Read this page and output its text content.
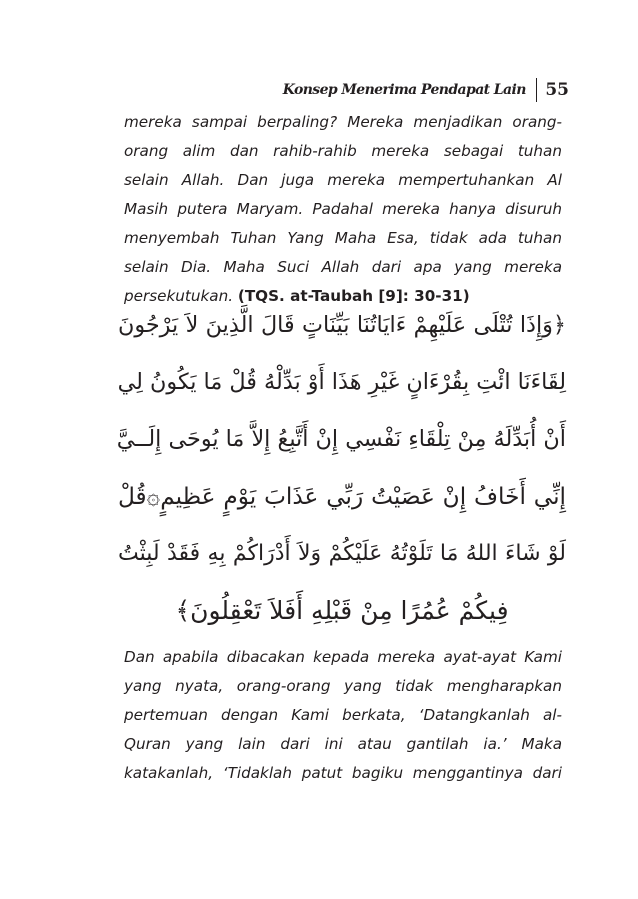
Konsep Menerima Pendapat Lain	55
mereka sampai berpaling? Mereka menjadikan orang-
orang alim dan rahib-rahib mereka sebagai tuhan
selain Allah. Dan juga mereka mempertuhankan Al
Masih putera Maryam. Padahal mereka hanya disuruh
menyembah Tuhan Yang Maha Esa, tidak ada tuhan
selain Dia. Maha Suci Allah dari apa yang mereka
persekutukan. (TQS. at-Taubah [9]: 30-31)
﴿وَإِذَا تُتْلَى عَلَيْهِمْ ءَايَاتُنَا بَيِّنَاتٍ قَالَ الَّذِينَ لاَ يَرْجُونَ
لِقَاءَنَا ائْتِ بِقُرْءَانٍ غَيْرِ هَذَا أَوْ بَدِّلْهُ قُلْ مَا يَكُونُ لِي
أَنْ أُبَدِّلَهُ مِنْ تِلْقَاءِ نَفْسِي إِنْ أَتَّبِعُ إِلاَّ مَا يُوحَى إِلَــيَّ
إِنِّي أَخَافُ إِنْ عَصَيْتُ رَبِّي عَذَابَ يَوْمٍ عَظِيمٍ۞قُلْ
لَوْ شَاءَ اللهُ مَا تَلَوْتُهُ عَلَيْكُمْ وَلاَ أَدْرَاكُمْ بِهِ فَقَدْ لَبِثْتُ
فِيكُمْ عُمُرًا مِنْ قَبْلِهِ أَفَلاَ تَعْقِلُونَ﴾
Dan apabila dibacakan kepada mereka ayat-ayat Kami
yang nyata, orang-orang yang tidak mengharapkan
pertemuan dengan Kami berkata, ‘Datangkanlah al-
Quran yang lain dari ini atau gantilah ia.’ Maka
katakanlah, ‘Tidaklah patut bagiku menggantinya dari
